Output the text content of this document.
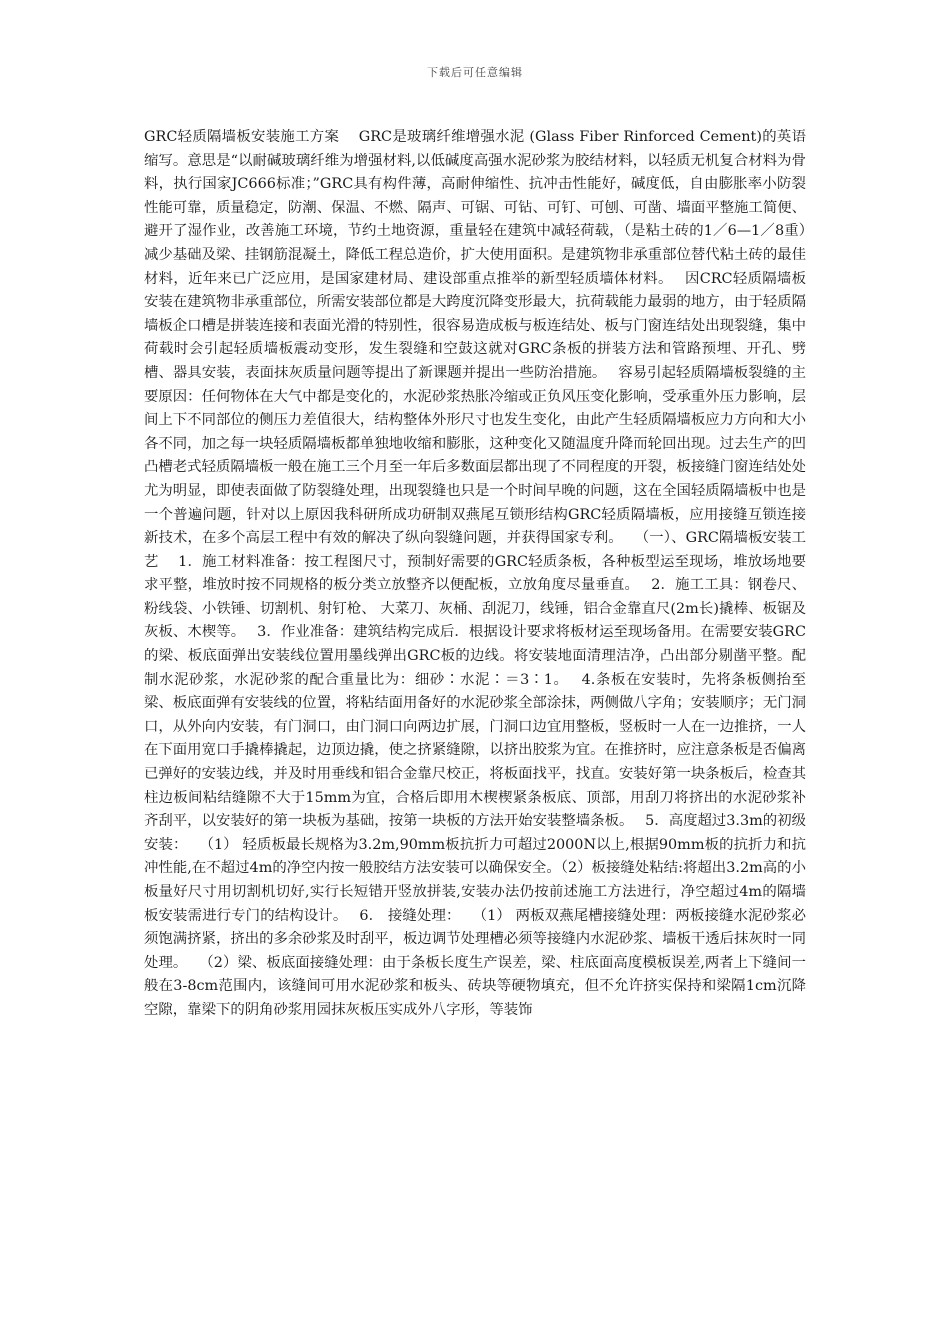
下载后可任意编辑

GRC轻质隔墙板安装施工方案　 GRC是玻璃纤维增强水泥 (Glass Fiber Rinforced Cement)的英语缩写。意思是“以耐碱玻璃纤维为增强材料,以低碱度高强水泥砂浆为胶结材料，以轻质无机复合材料为骨料，执行国家JC666标准；”GRC具有构件薄，高耐伸缩性、抗冲击性能好，碱度低，自由膨胀率小防裂性能可靠，质量稳定，防潮、保温、不燃、隔声、可锯、可钻、可钉、可刨、可凿、墙面平整施工简便、避开了湿作业，改善施工环境，节约土地资源，重量轻在建筑中减轻荷载，（是粘土砖的1／6—1／8重）减少基础及梁、挂钢筋混凝土，降低工程总造价，扩大使用面积。是建筑物非承重部位替代粘土砖的最佳材料，近年来已广泛应用，是国家建材局、建设部重点推举的新型轻质墙体材料。　 因CRC轻质隔墙板安装在建筑物非承重部位，所需安装部位都是大跨度沉降变形最大，抗荷载能力最弱的地方，由于轻质隔墙板企口槽是拼装连接和表面光滑的特别性，很容易造成板与板连结处、板与门窗连结处出现裂缝，集中荷载时会引起轻质墙板震动变形，发生裂缝和空鼓这就对GRC条板的拼装方法和管路预埋、开孔、劈槽、器具安装，表面抹灰质量问题等提出了新课题并提出一些防治措施。　 容易引起轻质隔墙板裂缝的主要原因：任何物体在大气中都是变化的，水泥砂浆热胀冷缩或正负风压变化影响，受承重外压力影响，层间上下不同部位的侧压力差值很大，结构整体外形尺寸也发生变化，由此产生轻质隔墙板应力方向和大小各不同，加之每一块轻质隔墙板都单独地收缩和膨胀，这种变化又随温度升降而轮回出现。过去生产的凹凸槽老式轻质隔墙板一般在施工三个月至一年后多数面层都出现了不同程度的开裂，板接缝门窗连结处处尤为明显，即使表面做了防裂缝处理，出现裂缝也只是一个时间早晚的问题，这在全国轻质隔墙板中也是一个普遍问题，针对以上原因我科研所成功研制双燕尾互锁形结构GRC轻质隔墙板，应用接缝互锁连接新技术，在多个高层工程中有效的解决了纵向裂缝问题，并获得国家专利。　 （一）、GRC隔墙板安装工艺　 1．施工材料准备：按工程图尺寸，预制好需要的GRC轻质条板，各种板型运至现场，堆放场地要求平整，堆放时按不同规格的板分类立放整齐以便配板，立放角度尽量垂直。　 2．施工工具：钢卷尺、粉线袋、小铁锤、切割机、射钉枪、 大菜刀、灰桶、刮泥刀，线锤，铝合金靠直尺(2m长)撬棒、板锯及灰板、木楔等。　 3．作业准备：建筑结构完成后．根据设计要求将板材运至现场备用。在需要安装GRC的梁、板底面弹出安装线位置用墨线弹出GRC板的边线。将安装地面清理洁净，凸出部分剔凿平整。配制水泥砂浆，水泥砂浆的配合重量比为：细砂∶水泥∶＝3∶1。　 4.条板在安装时，先将条板侧抬至梁、板底面弹有安装线的位置，将粘结面用备好的水泥砂浆全部涂抹，两侧做八字角；安装顺序；无门洞口，从外向内安装，有门洞口，由门洞口向两边扩展，门洞口边宜用整板，竖板时一人在一边推挤，一人在下面用宽口手撬棒撬起，边顶边撬，使之挤紧缝隙，以挤出胶浆为宜。在推挤时，应注意条板是否偏离已弹好的安装边线，并及时用垂线和铝合金靠尺校正，将板面找平，找直。安装好第一块条板后，检查其 柱边板间粘结缝隙不大于15mm为宜，合格后即用木楔楔紧条板底、顶部，用刮刀将挤出的水泥砂浆补齐刮平，以安装好的第一块板为基础，按第一块板的方法开始安装整墙条板。　 5．高度超过3.3m的初级安装：　 （1） 轻质板最长规格为3.2m,90mm板抗折力可超过2000N以上,根据90mm板的抗折力和抗冲性能,在不超过4m的净空内按一般胶结方法安装可以确保安全。（2）板接缝处粘结:将超出3.2m高的小板量好尺寸用切割机切好,实行长短错开竖放拼装,安装办法仍按前述施工方法进行，净空超过4m的隔墙板安装需进行专门的结构设计。　 6． 接缝处理：　 （1） 两板双燕尾槽接缝处理：两板接缝水泥砂浆必须饱满挤紧，挤出的多余砂浆及时刮平，板边调节处理槽必须等接缝内水泥砂浆、墙板干透后抹灰时一同处理。　 （2）梁、板底面接缝处理：由于条板长度生产误差，梁、柱底面高度模板误差,两者上下缝间一般在3-8cm范围内，该缝间可用水泥砂浆和板头、砖块等硬物填充，但不允许挤实保持和梁隔1cm沉降空隙，靠梁下的阴角砂浆用园抹灰板压实成外八字形，等装饰
